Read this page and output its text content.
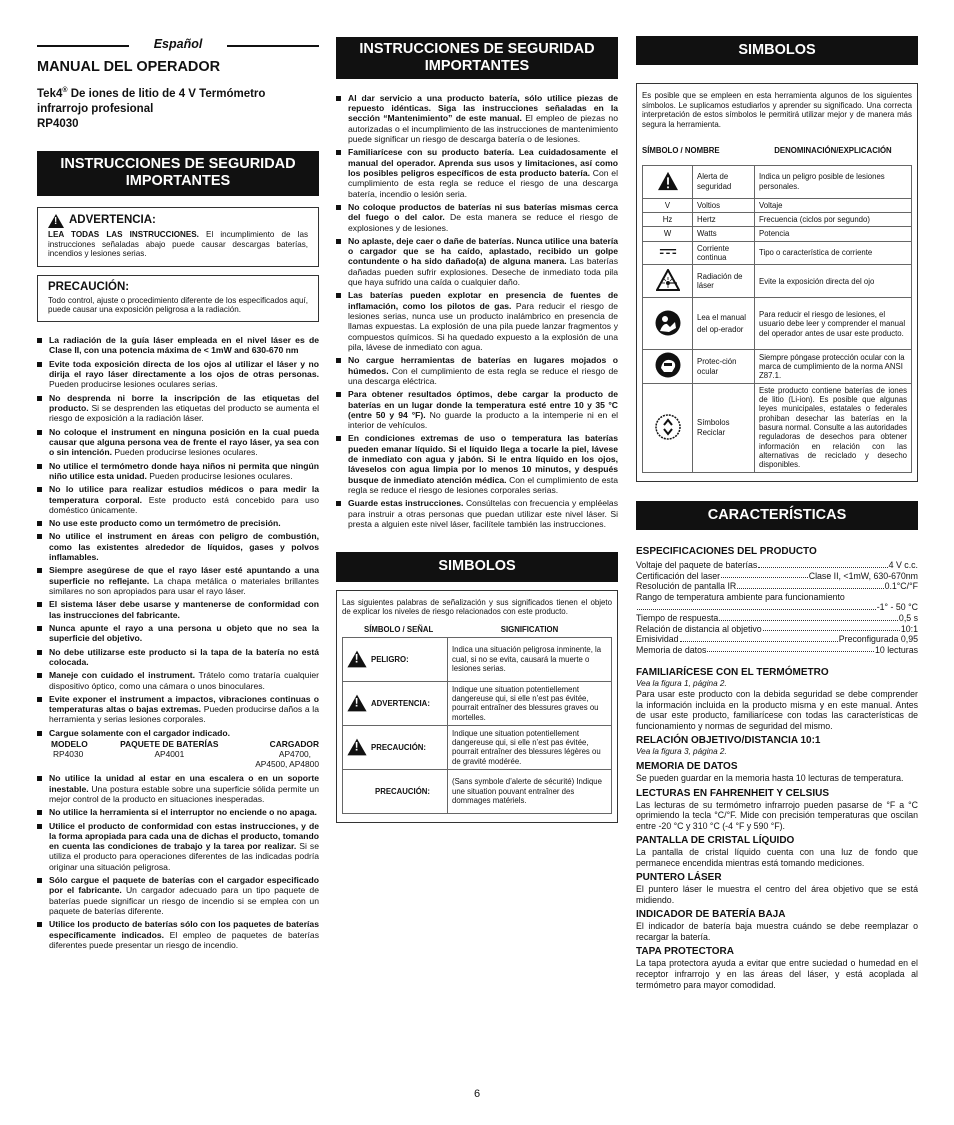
Español
MANUAL DEL OPERADOR
Tek4® De iones de litio de 4 V Termómetro infrarrojo profesional
RP4030
INSTRUCCIONES DE SEGURIDAD IMPORTANTES
!
ADVERTENCIA:
LEA TODAS LAS INSTRUCCIONES. El incumplimiento de las instrucciones señaladas abajo puede causar descargas baterías, incendios y lesiones serias.
PRECAUCIÓN:
Todo control, ajuste o procedimiento diferente de los especificados aquí, puede causar una exposición peligrosa a la radiación.
La radiación de la guía láser empleada en el nivel láser es de Clase II, con una potencia máxima de < 1mW and 630-670 nm
Evite toda exposición directa de los ojos al utilizar el láser y no dirija el rayo láser directamente a los ojos de otras personas. Pueden producirse lesiones oculares serias.
No desprenda ni borre la inscripción de las etiquetas del producto. Si se desprenden las etiquetas del producto se aumenta el riesgo de exposición a la radiación láser.
No coloque el instrument en ninguna posición en la cual pueda causar que alguna persona vea de frente el rayo láser, ya sea con o sin intención. Pueden producirse lesiones oculares.
No utilice el termómetro donde haya niños ni permita que ningún niño utilice esta unidad. Pueden producirse lesiones oculares.
No lo utilice para realizar estudios médicos o para medir la temperatura corporal. Este producto está concebido para uso doméstico únicamente.
No use este producto como un termómetro de precisión.
No utilice el instrument en áreas con peligro de combustión, como las existentes alrededor de líquidos, gases y polvos inflamables.
Siempre asegúrese de que el rayo láser esté apuntando a una superficie no reflejante. La chapa metálica o materiales brillantes similares no son apropiados para usar el rayo láser.
El sistema láser debe usarse y mantenerse de conformidad con las instrucciones del fabricante.
Nunca apunte el rayo a una persona u objeto que no sea la superficie del objetivo.
No debe utilizarse este producto si la tapa de la batería no está colocada.
Maneje con cuidado el instrument. Trátelo como trataría cualquier dispositivo óptico, como una cámara o unos binoculares.
Evite exponer el instrument a impactos, vibraciones continuas o temperaturas altas o bajas extremas. Pueden producirse daños a la herramienta y serias lesiones corporales.
Cargue solamente con el cargador indicado.
MODELO	PAQUETE DE BATERÍAS	CARGADOR
RP4030	AP4001	AP4700,
		AP4500, AP4800
No utilice la unidad al estar en una escalera o en un soporte inestable. Una postura estable sobre una superficie sólida permite un mejor control de la producto en situaciones inesperadas.
No utilice la herramienta si el interruptor no enciende o no apaga.
Utilice el producto de conformidad con estas instrucciones, y de la forma apropiada para cada una de dichas el producto, tomando en cuenta las condiciones de trabajo y la tarea por realizar. Si se utiliza el producto para operaciones diferentes de las indicadas podría originar una situación peligrosa.
Sólo cargue el paquete de baterías con el cargador especificado por el fabricante. Un cargador adecuado para un tipo paquete de baterías puede significar un riesgo de incendio si se emplea con un paquete de baterías diferente.
Utilice los producto de baterías sólo con los paquetes de baterías específicamente indicados. El empleo de paquetes de baterías diferentes puede presentar un riesgo de incendio.
INSTRUCCIONES DE SEGURIDAD IMPORTANTES
Al dar servicio a una producto batería, sólo utilice piezas de repuesto idénticas. Siga las instrucciones señaladas en la sección “Mantenimiento” de este manual. El empleo de piezas no autorizadas o el incumplimiento de las instrucciones de mantenimiento puede significar un riesgo de descarga batería o de lesiones.
Familiarícese con su producto batería. Lea cuidadosamente el manual del operador. Aprenda sus usos y limitaciones, así como los posibles peligros específicos de esta producto batería. Con el cumplimiento de esta regla se reduce el riesgo de una descarga batería, incendio o lesión seria.
No coloque productos de baterías ni sus baterías mismas cerca del fuego o del calor. De esta manera se reduce el riesgo de explosiones y de lesiones.
No aplaste, deje caer o dañe de baterías. Nunca utilice una batería o cargador que se ha caído, aplastado, recibido un golpe contundente o ha sido dañado(a) de alguna manera. Las baterías dañadas pueden sufrir explosiones. Deseche de inmediato toda pila que haya sufrido una caída o cualquier daño.
Las baterías pueden explotar en presencia de fuentes de inflamación, como los pilotos de gas. Para reducir el riesgo de lesiones serias, nunca use un producto inalámbrico en presencia de llamas expuestas. La explosión de una pila puede lanzar fragmentos y compuestos químicos. Si ha quedado expuesto a la explosión de una pila, lávese de inmediato con agua.
No cargue herramientas de baterías en lugares mojados o húmedos. Con el cumplimiento de esta regla se reduce el riesgo de una descarga eléctrica.
Para obtener resultados óptimos, debe cargar la producto de baterías en un lugar donde la temperatura esté entre 10 y 35 °C (entre 50 y 94 °F). No guarde la producto a la intemperie ni en el interior de vehículos.
En condiciones extremas de uso o temperatura las baterías pueden emanar líquido. Si el líquido llega a tocarle la piel, lávese de inmediato con agua y jabón. Si le entra líquido en los ojos, láveselos con agua limpia por lo menos 10 minutos, y después busque de inmediato atención médica. Con el cumplimiento de esta regla se reduce el riesgo de lesiones corporales serias.
Guarde estas instrucciones. Consúltelas con frecuencia y empléelas para instruir a otras personas que puedan utilizar este nivel láser. Si presta a alguien este nivel láser, facilítele también las instrucciones.
SIMBOLOS
Las siguientes palabras de señalización y sus significados tienen el objeto de explicar los niveles de riesgo relacionados con este producto.
SÍMBOLO / SEÑAL	SIGNIFICATION
!
PELIGRO:	Indica una situación peligrosa inminente, la cual, si no se evita, causará la muerte o lesiones serias.

!
ADVERTENCIA:	Indique une situation potentiellement dangereuse qui, si elle n’est pas évitée, pourrait entraîner des blessures graves ou mortelles.

!
PRECAUCIÓN:	Indique une situation potentiellement dangereuse qui, si elle n’est pas évitée, pourrait entraîner des blessures légères ou de gravité modérée.

PRECAUCIÓN:	(Sans symbole d’alerte de sécurité) Indique une situation pouvant entraîner des dommages matériels.
SIMBOLOS
Es posible que se empleen en esta herramienta algunos de los siguientes símbolos. Le suplicamos estudiarlos y aprender su significado. Una correcta interpretación de estos símbolos le permitirá utilizar mejor y de manera más segura la herramienta.
SÍMBOLO / NOMBRE	DENOMINACIÓN/EXPLICACIÓN
	Alerta de seguridad	Indica un peligro posible de lesiones personales.
V	Voltios	Voltaje
Hz	Hertz	Frecuencia (ciclos por segundo)
W	Watts	Potencia
	Corriente continua	Tipo o característica de corriente
	Radiación de láser	Evite la exposición directa del ojo
	Lea el manual del op-erador	Para reducir el riesgo de lesiones, el usuario debe leer y comprender el manual del operador antes de usar este producto.
	Protec-ción ocular	Siempre póngase protección ocular con la marca de cumplimiento de la norma ANSI Z87.1.
	Símbolos Reciclar	Este producto contiene baterías de iones de litio (Li-ion). Es posible que algunas leyes municipales, estatales o federales prohiban desechar las baterías en la basura normal. Consulte a las autoridades reguladoras de desechos para obtener información en relación con las alternativas de reciclado y desecho disponibles.
CARACTERÍSTICAS
ESPECIFICACIONES DEL PRODUCTO
Voltaje del paquete de baterías	4 V c.c.
Certificación del laser	Clase II, <1mW, 630-670nm
Resolución de pantalla IR	0.1°C/°F
Rango de temperatura ambiente para funcionamiento
-1° - 50 °C
Tiempo de respuesta	0,5 s
Relación de distancia al objetivo	10:1
Emisividad	Preconfigurada 0,95
Memoria de datos	10 lecturas
FAMILIARÍCESE CON EL TERMÓMETRO
Vea la figura 1, página 2.
Para usar este producto con la debida seguridad se debe comprender la información incluida en la producto misma y en este manual. Antes de usar este producto, familiarícese con todas las características de funcionamiento y normas de seguridad del mismo.
RELACIÓN OBJETIVO/DISTANCIA 10:1
Vea la figura 3, página 2.
MEMORIA DE DATOS
Se pueden guardar en la memoria hasta 10 lecturas de temperatura.
LECTURAS EN FAHRENHEIT Y CELSIUS
Las lecturas de su termómetro infrarrojo pueden pasarse de °F a °C oprimiendo la tecla °C/°F. Mide con precisión temperaturas que oscilan entre -20 °C y 310 °C (-4 °F y 590 °F).
PANTALLA DE CRISTAL LÍQUIDO
La pantalla de cristal líquido cuenta con una luz de fondo que permanece encendida mientras está tomando mediciones.
PUNTERO LÁSER
El puntero láser le muestra el centro del área objetivo que se está midiendo.
INDICADOR DE BATERÍA BAJA
El indicador de batería baja muestra cuándo se debe reemplazar o recargar la batería.
TAPA PROTECTORA
La tapa protectora ayuda a evitar que entre suciedad o humedad en el receptor infrarrojo y en las áreas del láser, y está acoplada al termómetro para mayor comodidad.
6
